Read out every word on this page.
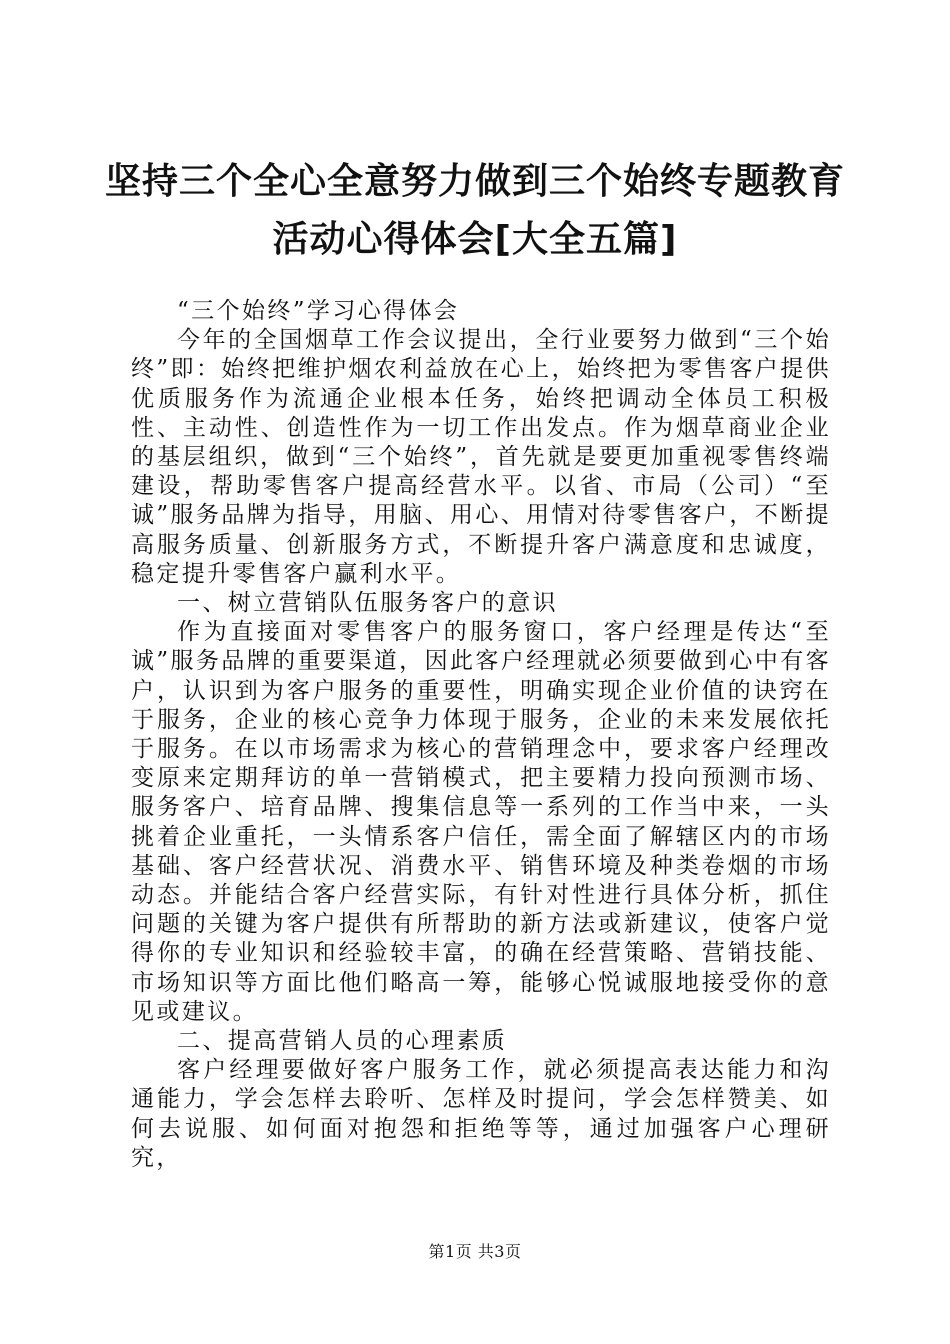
坚持三个全心全意努力做到三个始终专题教育
活动心得体会[大全五篇]

“三个始终”学习心得体会

今年的全国烟草工作会议提出，全行业要努力做到“三个始终”即：始终把维护烟农利益放在心上，始终把为零售客户提供优质服务作为流通企业根本任务，始终把调动全体员工积极性、主动性、创造性作为一切工作出发点。作为烟草商业企业的基层组织，做到“三个始终”，首先就是要更加重视零售终端建设，帮助零售客户提高经营水平。以省、市局（公司）“至诚”服务品牌为指导，用脑、用心、用情对待零售客户，不断提高服务质量、创新服务方式，不断提升客户满意度和忠诚度，稳定提升零售客户赢利水平。

一、树立营销队伍服务客户的意识

作为直接面对零售客户的服务窗口，客户经理是传达“至诚”服务品牌的重要渠道，因此客户经理就必须要做到心中有客户，认识到为客户服务的重要性，明确实现企业价值的诀窍在于服务，企业的核心竞争力体现于服务，企业的未来发展依托于服务。在以市场需求为核心的营销理念中，要求客户经理改变原来定期拜访的单一营销模式，把主要精力投向预测市场、服务客户、培育品牌、搜集信息等一系列的工作当中来，一头挑着企业重托，一头情系客户信任，需全面了解辖区内的市场基础、客户经营状况、消费水平、销售环境及种类卷烟的市场动态。并能结合客户经营实际，有针对性进行具体分析，抓住问题的关键为客户提供有所帮助的新方法或新建议，使客户觉得你的专业知识和经验较丰富，的确在经营策略、营销技能、市场知识等方面比他们略高一筹，能够心悦诚服地接受你的意见或建议。

二、提高营销人员的心理素质

客户经理要做好客户服务工作，就必须提高表达能力和沟通能力，学会怎样去聆听、怎样及时提问，学会怎样赞美、如何去说服、如何面对抱怨和拒绝等等，通过加强客户心理研究，

第1页 共3页
